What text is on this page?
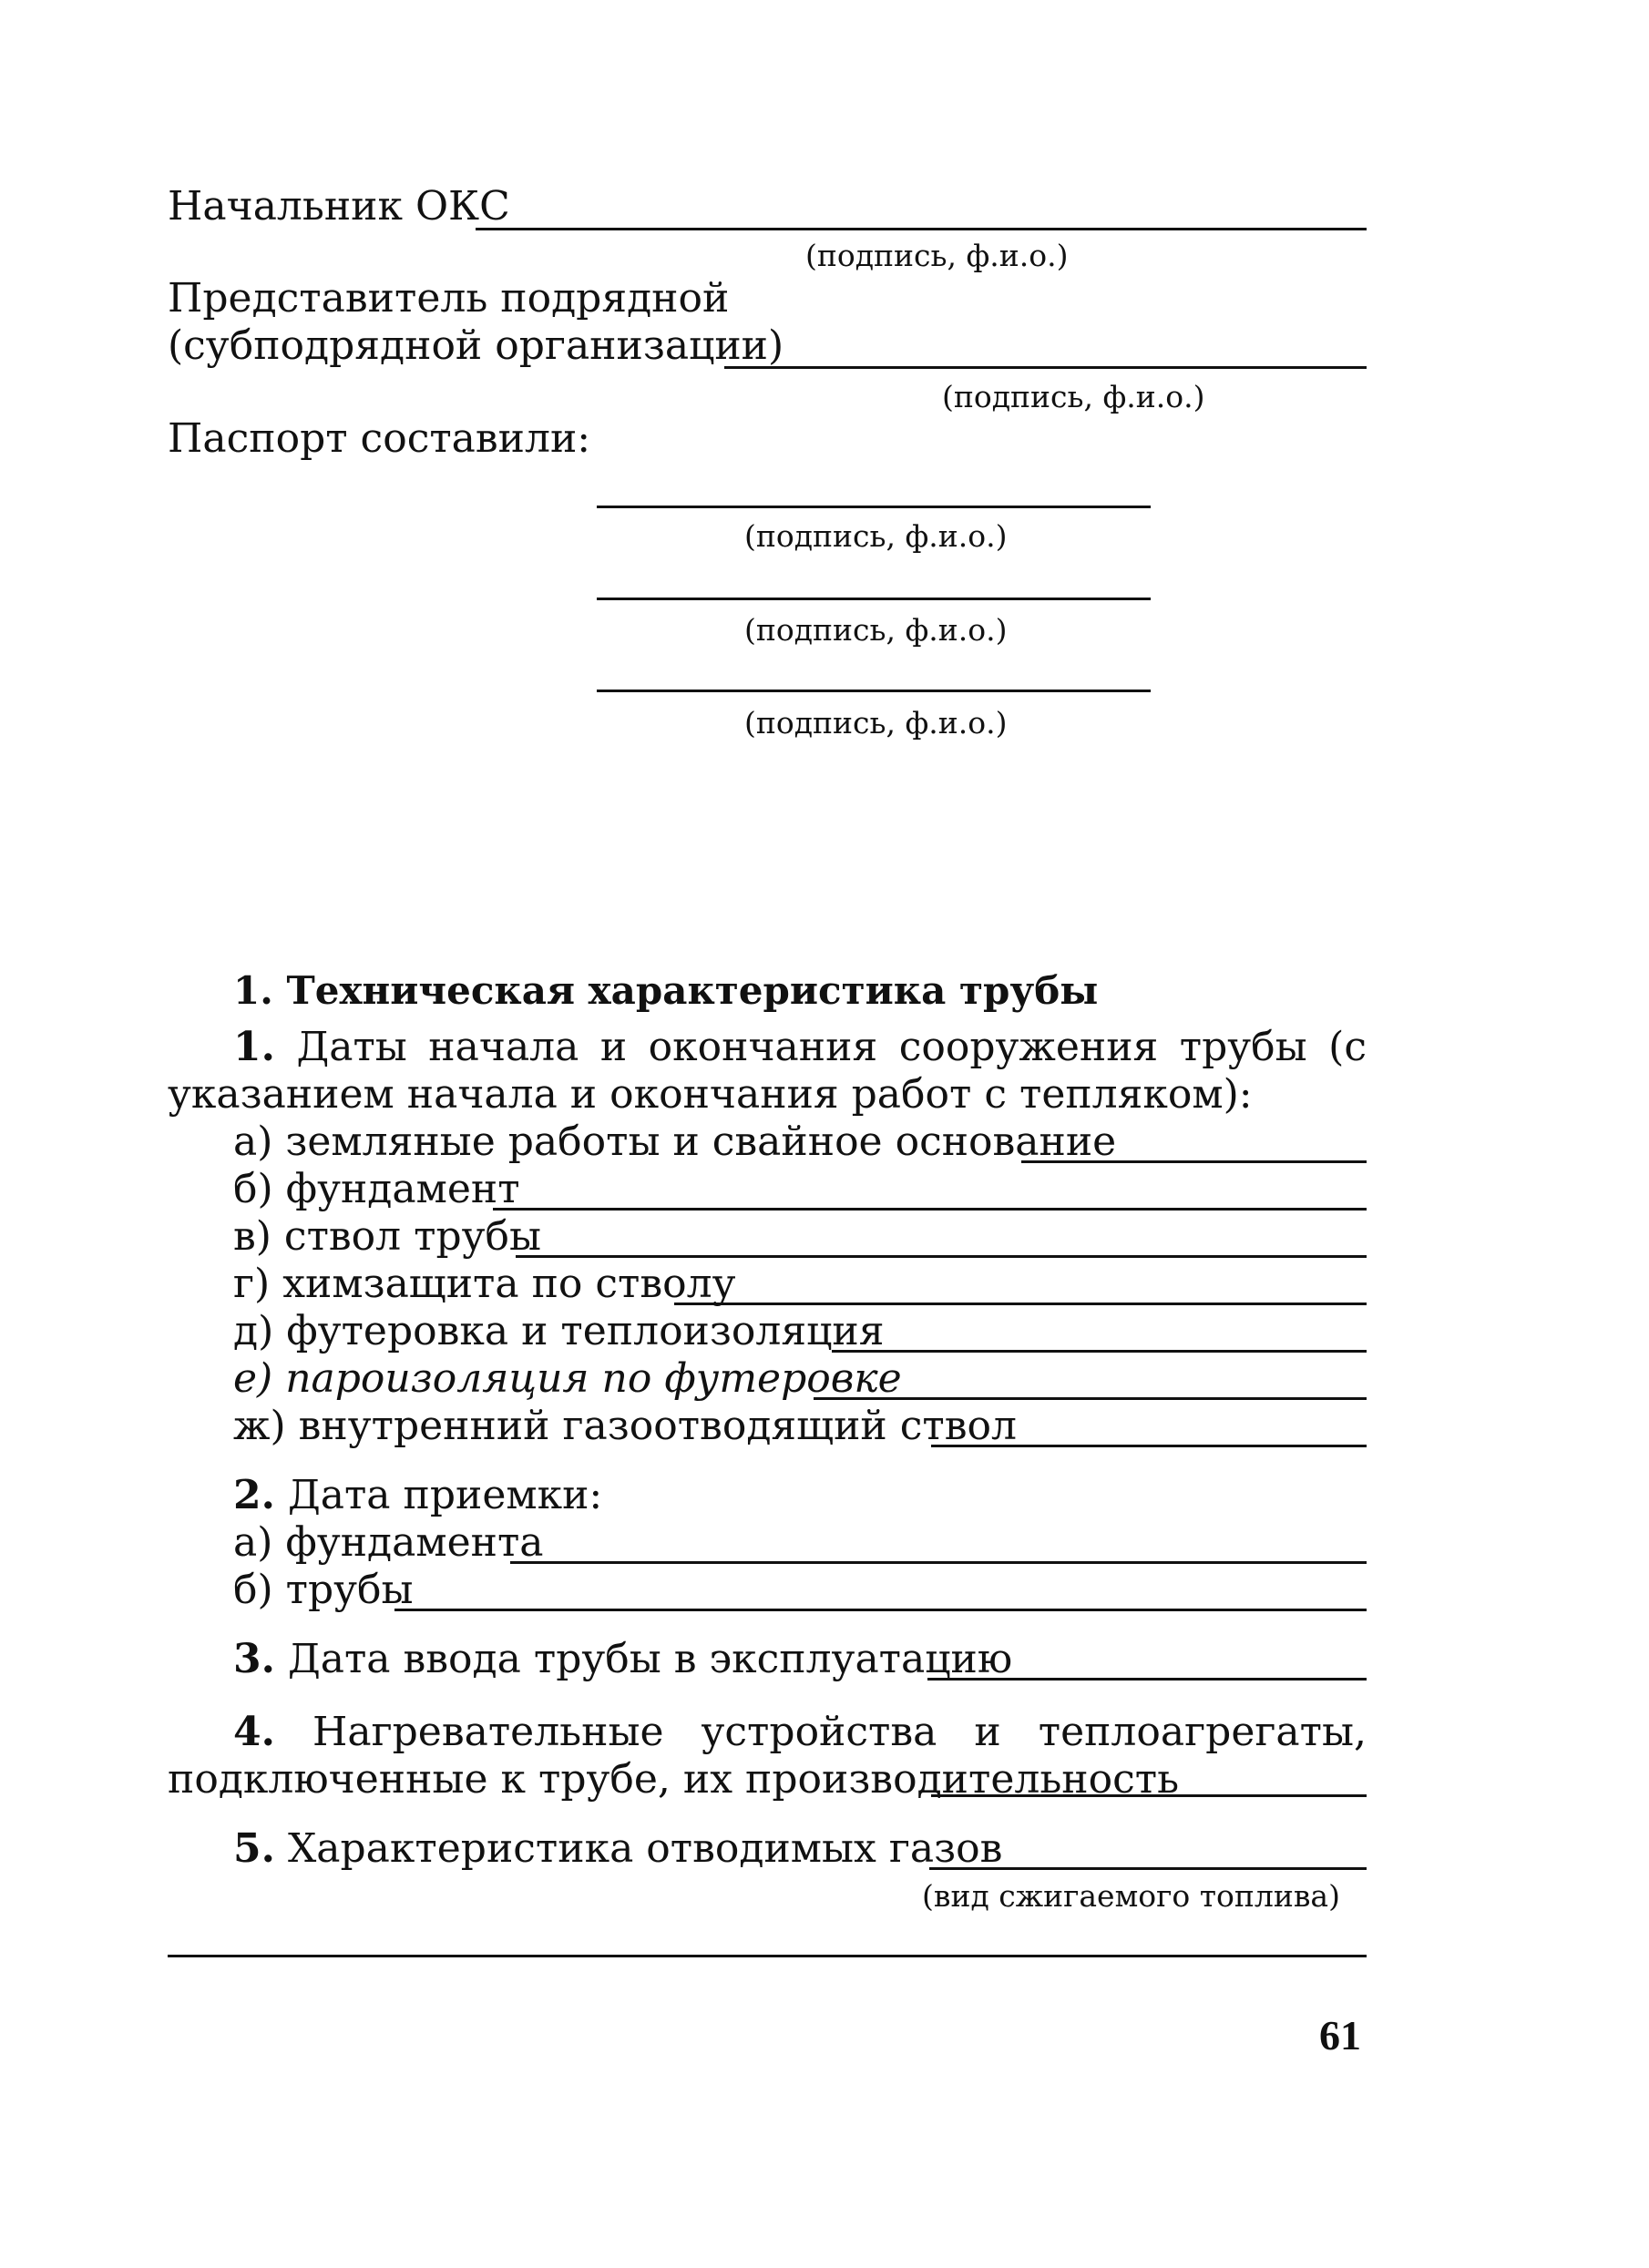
Начальник ОКС
(подпись, ф.и.о.)
Представитель подрядной
(субподрядной организации)
(подпись, ф.и.о.)
Паспорт составили:
(подпись, ф.и.о.)
(подпись, ф.и.о.)
(подпись, ф.и.о.)
1. Техническая характеристика трубы
1. Даты начала и окончания сооружения трубы (с указанием начала и окончания работ с тепляком):
а) земляные работы и свайное основание
б) фундамент
в) ствол трубы
г) химзащита по стволу
д) футеровка и теплоизоляция
е) пароизоляция по футеровке
ж) внутренний газоотводящий ствол
2. Дата приемки:
а) фундамента
б) трубы
3. Дата ввода трубы в эксплуатацию
4. Нагревательные устройства и теплоагрегаты, подключенные к трубе, их производительность
5. Характеристика отводимых газов
(вид сжигаемого топлива)
61
